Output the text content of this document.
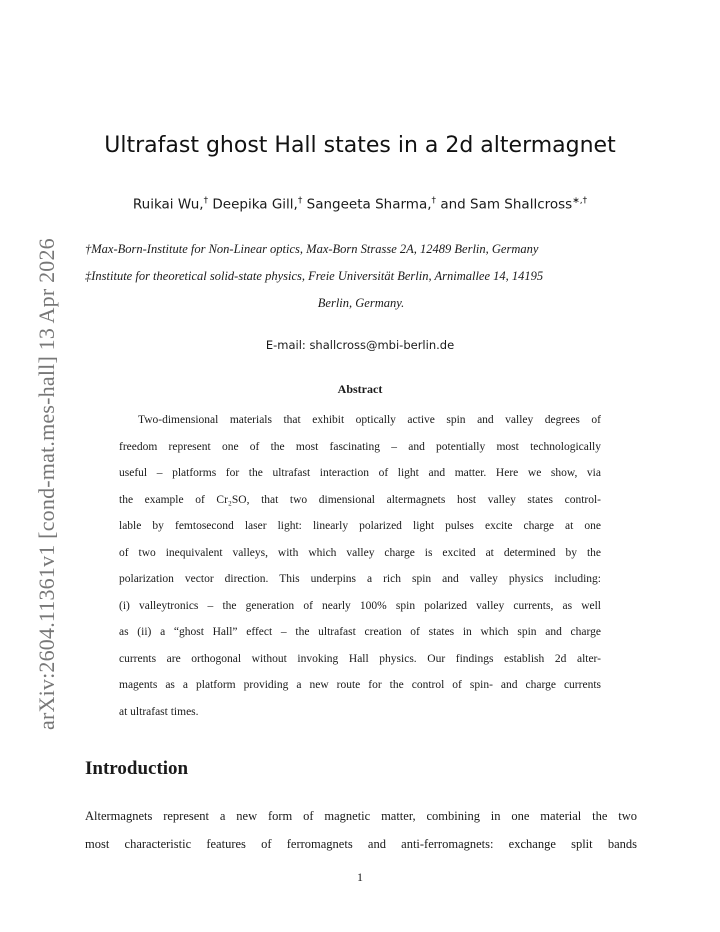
arXiv:2604.11361v1 [cond-mat.mes-hall] 13 Apr 2026
Ultrafast ghost Hall states in a 2d altermagnet
Ruikai Wu,† Deepika Gill,† Sangeeta Sharma,† and Sam Shallcross∗,†
†Max-Born-Institute for Non-Linear optics, Max-Born Strasse 2A, 12489 Berlin, Germany
‡Institute for theoretical solid-state physics, Freie Universität Berlin, Arnimallee 14, 14195
Berlin, Germany.
E-mail: shallcross@mbi-berlin.de
Abstract
Two-dimensional materials that exhibit optically active spin and valley degrees of
freedom represent one of the most fascinating – and potentially most technologically
useful – platforms for the ultrafast interaction of light and matter. Here we show, via
the example of Cr₂SO, that two dimensional altermagnets host valley states control-
lable by femtosecond laser light: linearly polarized light pulses excite charge at one
of two inequivalent valleys, with which valley charge is excited at determined by the
polarization vector direction. This underpins a rich spin and valley physics including:
(i) valleytronics – the generation of nearly 100% spin polarized valley currents, as well
as (ii) a “ghost Hall” effect – the ultrafast creation of states in which spin and charge
currents are orthogonal without invoking Hall physics. Our findings establish 2d alter-
magents as a platform providing a new route for the control of spin- and charge currents
at ultrafast times.
Introduction
Altermagnets represent a new form of magnetic matter, combining in one material the two
most characteristic features of ferromagnets and anti-ferromagnets: exchange split bands
1
